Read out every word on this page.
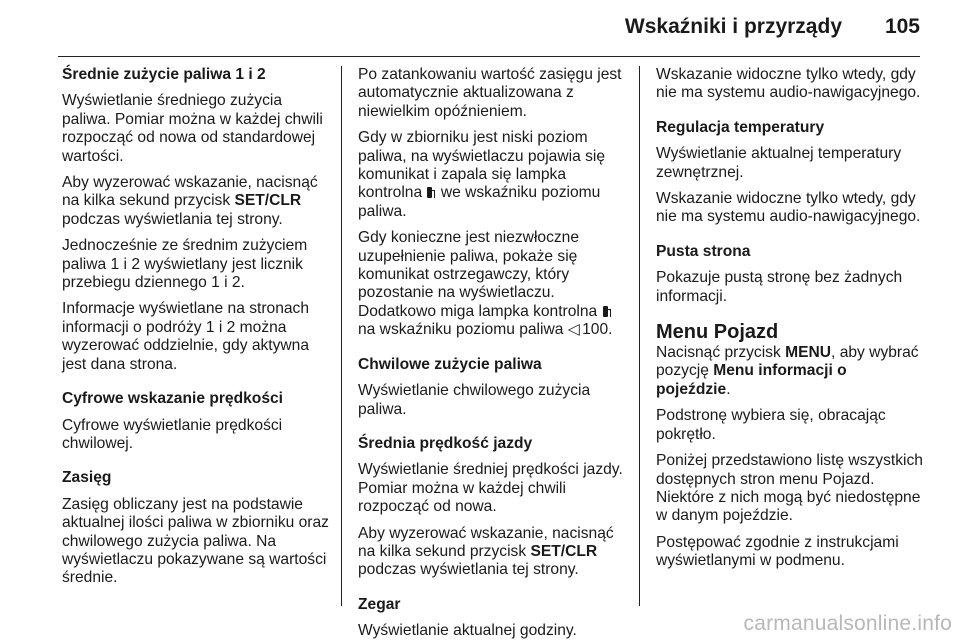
Wskaźniki i przyrządy 105

Średnie zużycie paliwa 1 i 2

Wyświetlanie średniego zużycia paliwa. Pomiar można w każdej chwili rozpocząć od nowa od standardowej wartości.

Aby wyzerować wskazanie, nacisnąć na kilka sekund przycisk SET/CLR podczas wyświetlania tej strony.

Jednocześnie ze średnim zużyciem paliwa 1 i 2 wyświetlany jest licznik przebiegu dziennego 1 i 2.

Informacje wyświetlane na stronach informacji o podróży 1 i 2 można wyzerować oddzielnie, gdy aktywna jest dana strona.

Cyfrowe wskazanie prędkości

Cyfrowe wyświetlanie prędkości chwilowej.

Zasięg

Zasięg obliczany jest na podstawie aktualnej ilości paliwa w zbiorniku oraz chwilowego zużycia paliwa. Na wyświetlaczu pokazywane są wartości średnie.

Po zatankowaniu wartość zasięgu jest automatycznie aktualizowana z niewielkim opóźnieniem.

Gdy w zbiorniku jest niski poziom paliwa, na wyświetlaczu pojawia się komunikat i zapala się lampka kontrolna  we wskaźniku poziomu paliwa.

Gdy konieczne jest niezwłoczne uzupełnienie paliwa, pokaże się komunikat ostrzegawczy, który pozostanie na wyświetlaczu. Dodatkowo miga lampka kontrolna  na wskaźniku poziomu paliwa ◁ 100.

Chwilowe zużycie paliwa

Wyświetlanie chwilowego zużycia paliwa.

Średnia prędkość jazdy

Wyświetlanie średniej prędkości jazdy. Pomiar można w każdej chwili rozpocząć od nowa.

Aby wyzerować wskazanie, nacisnąć na kilka sekund przycisk SET/CLR podczas wyświetlania tej strony.

Zegar

Wyświetlanie aktualnej godziny.

Wskazanie widoczne tylko wtedy, gdy nie ma systemu audio-nawigacyjnego.

Regulacja temperatury

Wyświetlanie aktualnej temperatury zewnętrznej.

Wskazanie widoczne tylko wtedy, gdy nie ma systemu audio-nawigacyjnego.

Pusta strona

Pokazuje pustą stronę bez żadnych informacji.

Menu Pojazd

Nacisnąć przycisk MENU, aby wybrać pozycję Menu informacji o pojeździe.

Podstronę wybiera się, obracając pokrętło.

Poniżej przedstawiono listę wszystkich dostępnych stron menu Pojazd. Niektóre z nich mogą być niedostępne w danym pojeździe.

Postępować zgodnie z instrukcjami wyświetlanymi w podmenu.

carmanualsonline.info
